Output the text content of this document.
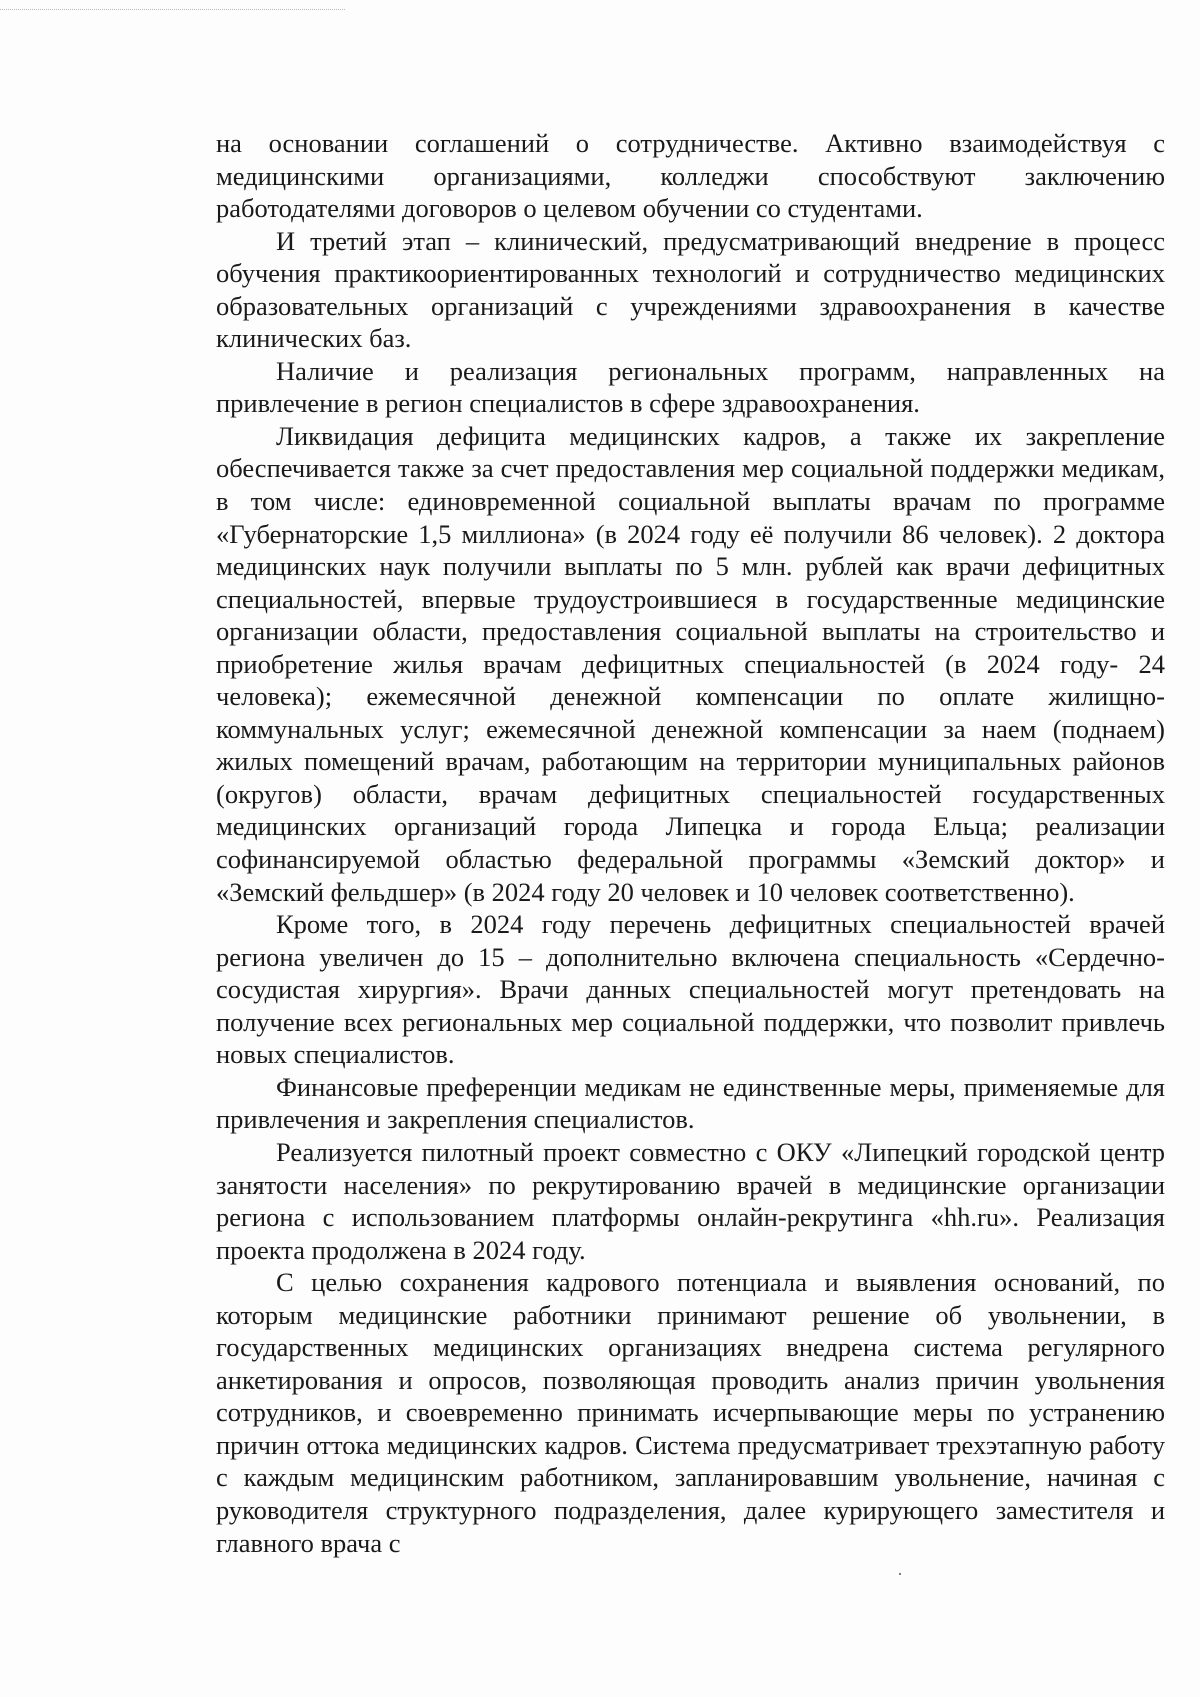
на основании соглашений о сотрудничестве. Активно взаимодействуя с медицинскими организациями, колледжи способствуют заключению работодателями договоров о целевом обучении со студентами.

И третий этап – клинический, предусматривающий внедрение в процесс обучения практикоориентированных технологий и сотрудничество медицинских образовательных организаций с учреждениями здравоохранения в качестве клинических баз.

Наличие и реализация региональных программ, направленных на привлечение в регион специалистов в сфере здравоохранения.

Ликвидация дефицита медицинских кадров, а также их закрепление обеспечивается также за счет предоставления мер социальной поддержки медикам, в том числе: единовременной социальной выплаты врачам по программе «Губернаторские 1,5 миллиона» (в 2024 году её получили 86 человек). 2 доктора медицинских наук получили выплаты по 5 млн. рублей как врачи дефицитных специальностей, впервые трудоустроившиеся в государственные медицинские организации области, предоставления социальной выплаты на строительство и приобретение жилья врачам дефицитных специальностей (в 2024 году- 24 человека); ежемесячной денежной компенсации по оплате жилищно-коммунальных услуг; ежемесячной денежной компенсации за наем (поднаем) жилых помещений врачам, работающим на территории муниципальных районов (округов) области, врачам дефицитных специальностей государственных медицинских организаций города Липецка и города Ельца; реализации софинансируемой областью федеральной программы «Земский доктор» и «Земский фельдшер» (в 2024 году 20 человек и 10 человек соответственно).

Кроме того, в 2024 году перечень дефицитных специальностей врачей региона увеличен до 15 – дополнительно включена специальность «Сердечно-сосудистая хирургия». Врачи данных специальностей могут претендовать на получение всех региональных мер социальной поддержки, что позволит привлечь новых специалистов.

Финансовые преференции медикам не единственные меры, применяемые для привлечения и закрепления специалистов.

Реализуется пилотный проект совместно с ОКУ «Липецкий городской центр занятости населения» по рекрутированию врачей в медицинские организации региона с использованием платформы онлайн-рекрутинга «hh.ru». Реализация проекта продолжена в 2024 году.

С целью сохранения кадрового потенциала и выявления оснований, по которым медицинские работники принимают решение об увольнении, в государственных медицинских организациях внедрена система регулярного анкетирования и опросов, позволяющая проводить анализ причин увольнения сотрудников, и своевременно принимать исчерпывающие меры по устранению причин оттока медицинских кадров. Система предусматривает трехэтапную работу с каждым медицинским работником, запланировавшим увольнение, начиная с руководителя структурного подразделения, далее курирующего заместителя и главного врача с
